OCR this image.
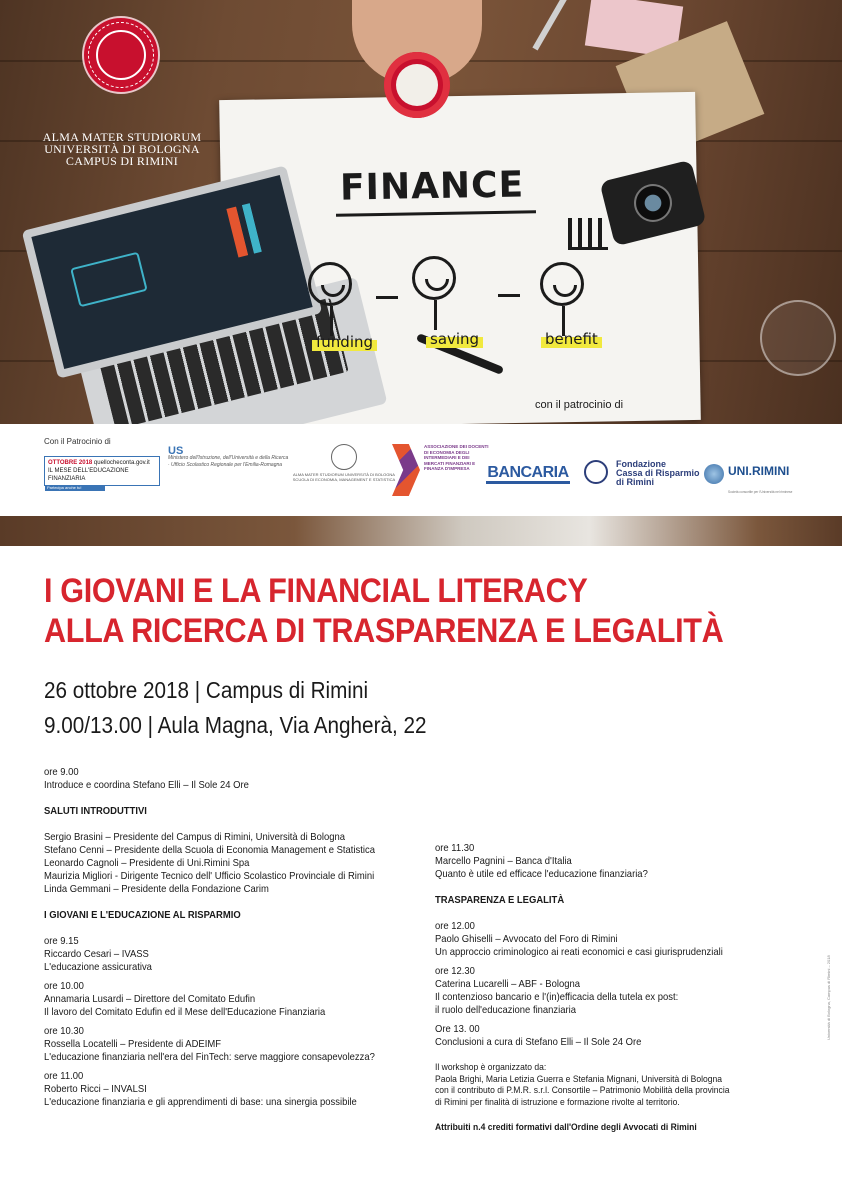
FINANCE
funding	saving	benefit
ALMA MATER STUDIORUM
UNIVERSITÀ DI BOLOGNA
CAMPUS DI RIMINI
con il patrocinio di
Con il Patrocinio di
OTTOBRE 2018 quellocheconta.gov.it
IL MESE DELL'EDUCAZIONE FINANZIARIA
Partecipa anche tu!
US
Ministero dell'Istruzione, dell'Università e della Ricerca · Ufficio Scolastico Regionale per l'Emilia-Romagna
ALMA MATER STUDIORUM UNIVERSITÀ DI BOLOGNA SCUOLA DI ECONOMIA, MANAGEMENT E STATISTICA
ASSOCIAZIONE DEI DOCENTI DI ECONOMIA DEGLI INTERMEDIARI E DEI MERCATI FINANZIARI E FINANZA D'IMPRESA	BANCARIA	Fondazione
Cassa di Risparmio
di Rimini
UNI.RIMINI
Società consortile per l'Università nel riminese
I GIOVANI E LA FINANCIAL LITERACY
ALLA RICERCA DI TRASPARENZA E LEGALITÀ
26 ottobre 2018 | Campus di Rimini
9.00/13.00 | Aula Magna, Via Angherà, 22
ore 9.00
Introduce e coordina Stefano Elli – Il Sole 24 Ore
SALUTI INTRODUTTIVI
Sergio Brasini – Presidente del Campus di Rimini, Università di Bologna
Stefano Cenni – Presidente della Scuola di Economia Management e Statistica
Leonardo Cagnoli – Presidente di Uni.Rimini Spa
Maurizia Migliori - Dirigente Tecnico dell' Ufficio Scolastico Provinciale di Rimini
Linda Gemmani – Presidente della Fondazione Carim
I GIOVANI E L'EDUCAZIONE AL RISPARMIO
ore 9.15
Riccardo Cesari – IVASS
L'educazione assicurativa
ore 10.00
Annamaria Lusardi – Direttore del Comitato Edufin
Il lavoro del Comitato Edufin ed il Mese dell'Educazione Finanziaria
ore 10.30
Rossella Locatelli – Presidente di ADEIMF
L'educazione finanziaria nell'era del FinTech: serve maggiore consapevolezza?
ore 11.00
Roberto Ricci – INVALSI
L'educazione finanziaria e gli apprendimenti di base: una sinergia possibile
ore 11.30
Marcello Pagnini – Banca d'Italia
Quanto è utile ed efficace l'educazione finanziaria?
TRASPARENZA E LEGALITÀ
ore 12.00
Paolo Ghiselli – Avvocato del Foro di Rimini
Un approccio criminologico ai reati economici e casi giurisprudenziali
ore 12.30
Caterina Lucarelli – ABF - Bologna
Il contenzioso bancario e l'(in)efficacia della tutela ex post:
il ruolo dell'educazione finanziaria
Ore 13. 00
Conclusioni a cura di Stefano Elli – Il Sole 24 Ore
Il workshop è organizzato da:
Paola Brighi, Maria Letizia Guerra e Stefania Mignani, Università di Bologna
con il contributo di P.M.R. s.r.l. Consortile – Patrimonio Mobilità della provincia
di Rimini per finalità di istruzione e formazione rivolte al territorio.
Attribuiti n.4 crediti formativi dall'Ordine degli Avvocati di Rimini
Università di Bologna, Campus di Rimini – 2018
